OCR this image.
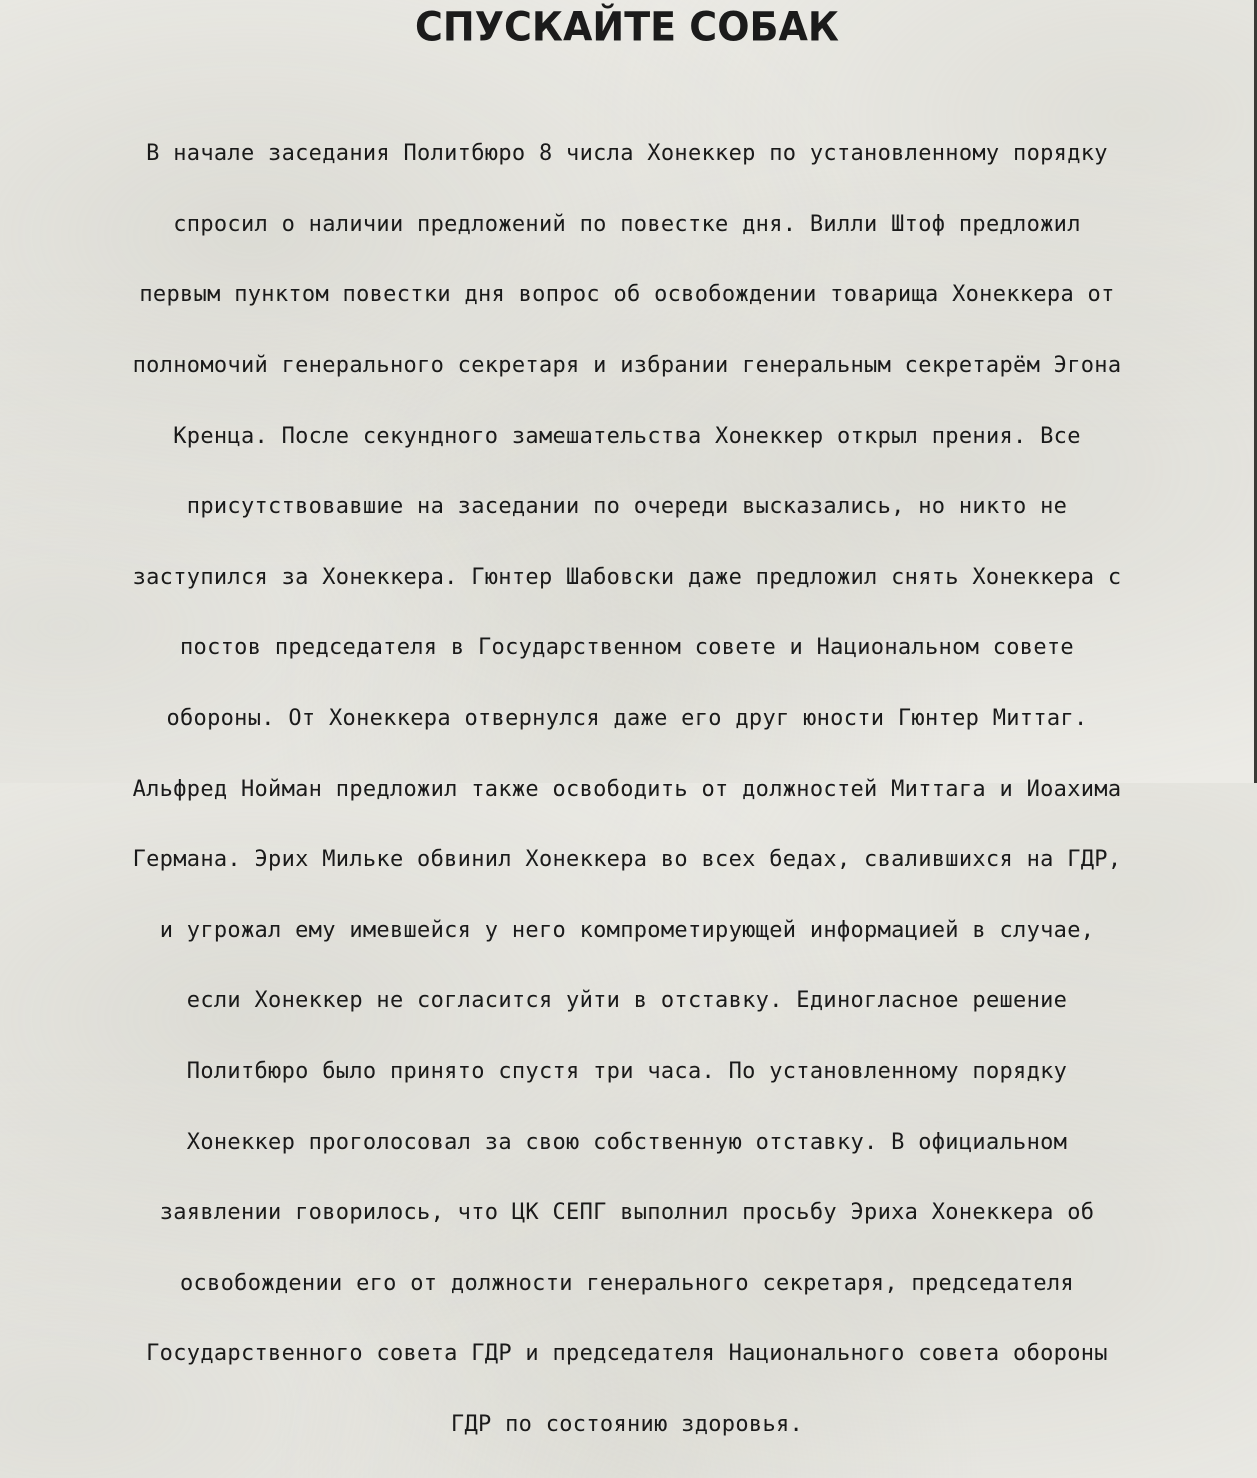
СПУСКАЙТЕ СОБАК

В начале заседания Политбюро 8 числа Хонеккер по установленному порядку

спросил о наличии предложений по повестке дня. Вилли Штоф предложил

первым пунктом повестки дня вопрос об освобождении товарища Хонеккера от

полномочий генерального секретаря и избрании генеральным секретарём Эгона

Кренца. После секундного замешательства Хонеккер открыл прения. Все

присутствовавшие на заседании по очереди высказались, но никто не

заступился за Хонеккера. Гюнтер Шабовски даже предложил снять Хонеккера с

постов председателя в Государственном совете и Национальном совете

обороны. От Хонеккера отвернулся даже его друг юности Гюнтер Миттаг.

Альфред Нойман предложил также освободить от должностей Миттага и Иоахима

Германа. Эрих Мильке обвинил Хонеккера во всех бедах, свалившихся на ГДР,

и угрожал ему имевшейся у него компрометирующей информацией в случае,

если Хонеккер не согласится уйти в отставку. Единогласное решение

Политбюро было принято спустя три часа. По установленному порядку

Хонеккер проголосовал за свою собственную отставку. В официальном

заявлении говорилось, что ЦК СЕПГ выполнил просьбу Эриха Хонеккера об

освобождении его от должности генерального секретаря, председателя

Государственного совета ГДР и председателя Национального совета обороны

ГДР по состоянию здоровья.
